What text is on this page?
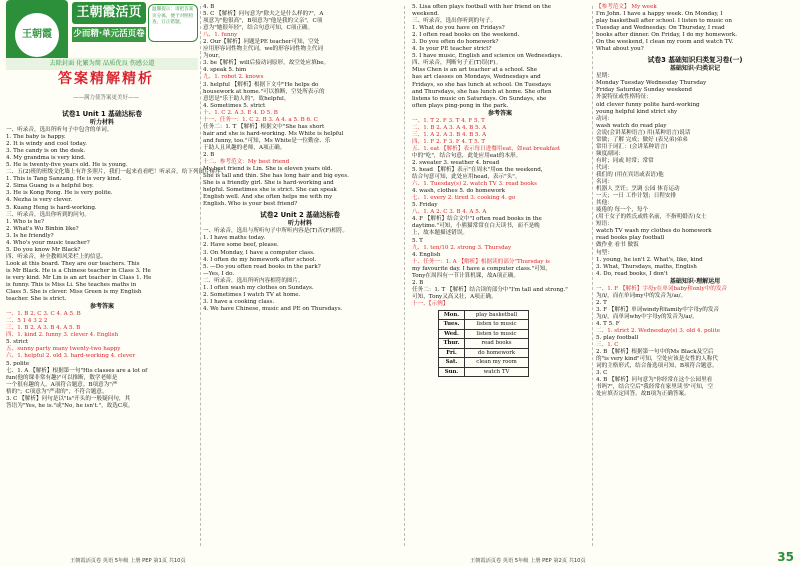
王朝霞
王朝霞活页
少而精·单元活页卷
温馨提示：请把答案页分离，便于对照检查，订正错题。
去除封面 化繁为简 品质优良 伤感公道
答案精解精析
——满力使答案更美好——
试卷1 Unit 1 基础达标卷
听力材料
一、听录音，选出所听句子中包含的单词。
1. The baby is happy.
2. It is windy and cool today.
3. The candy is on the desk.
4. My grandma is very kind.
5. He is twenty-five years old. He is young.
二、五(2)班的班级文化墙上有许多照片，我们一起来看看吧！听录音，给下列图片排序。
1. This is Tang Sanzang. He is very kind.
2. Sima Guang is a helpful boy.
3. He is Kong Rong. He is very polite.
4. Nezha is very clever.
5. Kuang Heng is hard-working.
三、听录音，选出你听到的问句。
1. Who is he?
2. What's Wu Binbin like?
3. Is he friendly?
4. Who's your music teacher?
5. Do you know Mr Black?
四、听录音，补全教师风采栏上的信息。
Look at this board. They are our teachers. This
is Mr Black. He is a Chinese teacher in Class 3. He
is very kind. Mr Lin is an art teacher in Class 1. He
is funny. This is Miss Li. She teaches maths in
Class 5. She is clever. Miss Green is my English
teacher. She is strict.
参考答案
一、1. B 2. C 3. C 4. A 5. B
二、5 1 4 3 2 2
三、1. B 2. A 3. B 4. A 5. B
四、1. kind 2. funny 3. clever 4. English
5. strict
五、sunny party many twenty-two happy
六、1. helpful 2. old 3. hard-working 4. clever
5. polite
七、1. A 【解析】根据第一句"His classes are a lot of
fun(他的课非常有趣)"可以推断，数学老师是
一个很有趣的人，A项符合题意。B项意为"严
格的"；C项意为"严肃的"，不符合题意。
3. C 【解析】问句是以"Is"开头的一般疑问句，其
答语为"Yes, he is."或"No, he isn't."，故选C项。
4. B
5. C 【解析】问句意为"除夫之是什么样的?"，A
项意为"他很高"，B项意为"他是我的父亲"，C项
意为"她很年轻"，结合句意可知，C项正确。
八、1. funny
2. Our【解析】问题是PE teacher可知，空处
应用形容词性物主代词，we的形容词性物主代词
为our。
3. be【解析】will后接动词原形，故空处应填be。
4. speak 5. him
九、1. robot 2. knows
3. helpful 【解析】根据下文中"He helps do
housework at home."可以推断，空处所表示的
意思是"乐于助人的"，故helpful。
4. Sometimes 5. strict
十、1. C 2. A 3. E 4. D 5. B
十一、任务一：1. C 2. B 3. A 4. a 5. B 6. C
任务二：1. T 【解析】根据文中"She has short
hair and she is hard-working. Ms White is helpful
and funny, too."可知，Ms White是一位勤奋、乐
于助人且风趣的老师，A项正确。
2. B
十二、参考范文：My best friend
My best friend is Lin. She is eleven years old.
She is tall and thin. She has long hair and big eyes.
She is a friendly girl. She is hard-working and
helpful. Sometimes she is strict. She can speak
English well. And she often helps me with my
English. Who is your best friend?
试卷2 Unit 2 基础达标卷
听力材料
一、听录音，选出与所听句子中所听内容是(T)否(F)相符。
1. I have maths today.
2. Have some beef, please.
3. On Monday, I have a computer class.
4. I often do my homework after school.
5. —Do you often read books in the park?
—Yes, I do.
二、听录音，选出所听内容相符的图片。
1. I often wash my clothes on Sundays.
2. Sometimes I watch TV at home.
3. I have a cooking class.
4. We have Chinese, music and PE on Thursdays.
5. Lisa often plays football with her friend on the
weekend.
三、听录音，选出你听到的句子。
1. What do you have on Fridays?
2. I often read books on the weekend.
3. Do you often do homework?
4. Is your PE teacher strict?
5. I have music, English and science on Wednesdays.
四、听录音，判断句子正(T)误(F)。
Miss Chen is an art teacher at a school. She
has art classes on Mondays, Wednesdays and
Fridays, so she has lunch at school. On Tuesdays
and Thursdays, she has lunch at home. She often
listens to music on Saturdays. On Sundays, she
often plays ping-pong in the park.
参考答案
一、1. T 2. F 3. T 4. F 5. T
二、1. B 2. A 3. A 4. B 5. A
三、1. A 2. A 3. B 4. B 5. A
四、1. F 2. F 3. F 4. T 5. T
五、1. eat 【解析】表示每日进餐用eat，如eat breakfast
中的"吃"，结合句意，此处应用eat的本形。
2. sweater 3. weather 4. bread
5. head 【解析】表示"在周末"用on the weekend，
结合句意可知，此处应用head，表示"头"。
六、1. Tuesday(s) 2. watch TV 3. read books
4. wash, clothes 5. do homework
七、1. every 2. tired 3. cooking 4. go
5. Friday
八、1. A 2. C 3. B 4. A 5. A
4. F 【解析】结合文中"I often read books in the
daytime."可知，小熊猫常常在白天读书，而不是晚
上，故本题描述错误。
5. T
九、1. ten/10 2. strong 3. Thursday
4. English
十、任务一：1. A 【解析】根据读的部分"Thursday is
my favourite day. I have a computer class."可知，
Tony在周四有一节计算机课，故A项正确。
2. B
任务二：1. T 【解析】结合读的部分中"I'm tall and strong."
可知，Tony又高又壮，A项正确。
十一、【示例】
Mon.	play basketball
Tues.	listen to music
Wed.	listen to music
Thur.	read books
Fri.	do homework
Sat.	clean my room
Sun.	watch TV
【参考范文】 My week
I'm John. I have a happy week. On Monday, I
play basketball after school. I listen to music on
Tuesday and Wednesday. On Thursday, I read
books after dinner. On Friday, I do my homework.
On the weekend, I clean my room and watch TV.
What about you?
试卷3 基础知识归类复习卷(一)
基础知识·归类识记
星期：
Monday Tuesday Wednesday Thursday
Friday Saturday Sunday weekend
外貌特征或性格特征：
old clever funny polite hard-working
young helpful kind strict shy
动词：
wash watch do read play
会说(会讲某种语言) 用(某种语言)说话
常做；了解 完成；做好 (表兄弟)弟弟
常用于词汇：(会讲某种语言)
频度副词：
有时；同或 时常；常常
代词：
我们的 (用在宾语或表语)他
名词：
机器人 烹饪；烹调 公园 体育运动
一天；一日 工作计划；日程安排
其他：
疲倦的 每一个，每个
(用于女子的姓氏或姓名前，不指明婚否)女士
短语：
watch TV wash my clothes do homework
read books play football
做作业 看书 做饭
句型：
1. young, he isn't 2. What's, like, kind
3. What, Thursdays, maths, English
4. Do, read books, I don't
基础知识·理解运用
一、1. F 【解析】字母y在单词baby和only中的发音
为/i/，而在单词my中的发音为/aɪ/。
2. T
3. F 【解析】单词windy和family中字母y的发音
为/i/，而单词why中字母y的发音为/aɪ/。
4. T 5. F
二、1. strict 2. Wednesday(s) 3. old 4. polite
5. play football
三、1. C
2. B 【解析】根据第一句中的Ms Black及空后
的"is very kind"可知，空处应该是女性的人称代
词的主格形式，结合备选项可知，B项符合题意。
3. C
4. B 【解析】问句意为"你经常在这个公园里看
书吗?"，结合空后"我经常在家里读书"可知，空
处应填否定回答。故B项为正确答案。
王朝霞活页卷 英语 5年级 上册 PEP 第1页 共10页	王朝霞活页卷 英语 5年级 上册 PEP 第2页 共10页	35
